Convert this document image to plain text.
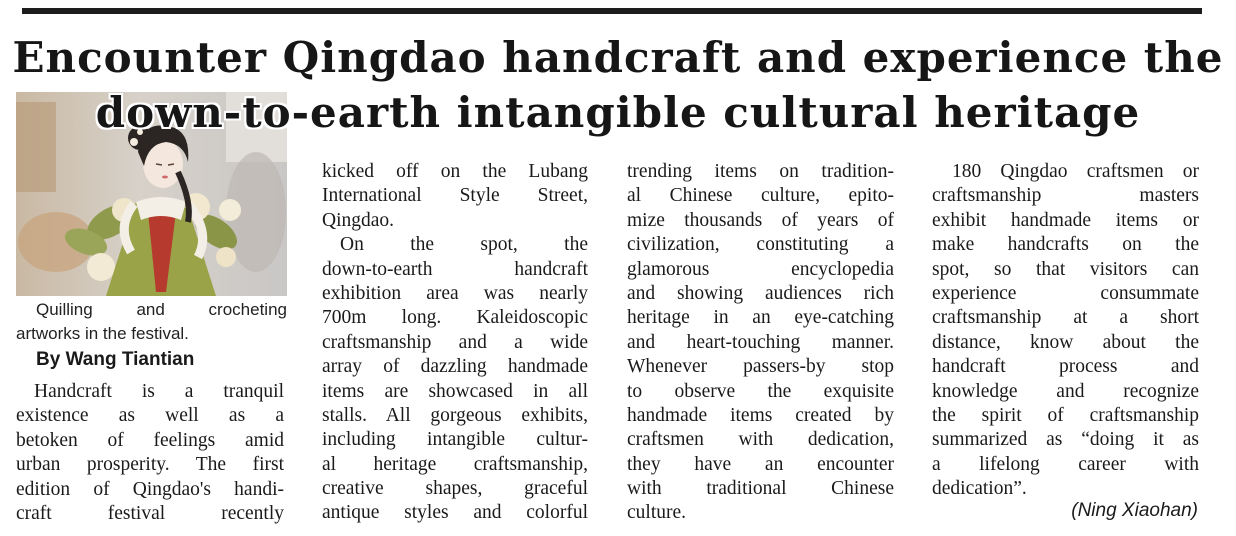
Encounter Qingdao handcraft and experience the
down-to-earth intangible cultural heritage
Quilling and crocheting
artworks in the festival.
By Wang Tiantian
Handcraft is a tranquil
existence as well as a
betoken of feelings amid
urban prosperity. The first
edition of Qingdao's handi-
craft festival recently
kicked off on the Lubang
International Style Street,
Qingdao.
On the spot, the
down-to-earth handcraft
exhibition area was nearly
700m long. Kaleidoscopic
craftsmanship and a wide
array of dazzling handmade
items are showcased in all
stalls. All gorgeous exhibits,
including intangible cultur-
al heritage craftsmanship,
creative shapes, graceful
antique styles and colorful
trending items on tradition-
al Chinese culture, epito-
mize thousands of years of
civilization, constituting a
glamorous encyclopedia
and showing audiences rich
heritage in an eye-catching
and heart-touching manner.
Whenever passers-by stop
to observe the exquisite
handmade items created by
craftsmen with dedication,
they have an encounter
with traditional Chinese
culture.
180 Qingdao craftsmen or
craftsmanship masters
exhibit handmade items or
make handcrafts on the
spot, so that visitors can
experience consummate
craftsmanship at a short
distance, know about the
handcraft process and
knowledge and recognize
the spirit of craftsmanship
summarized as “doing it as
a lifelong career with
dedication”.
(Ning Xiaohan)
